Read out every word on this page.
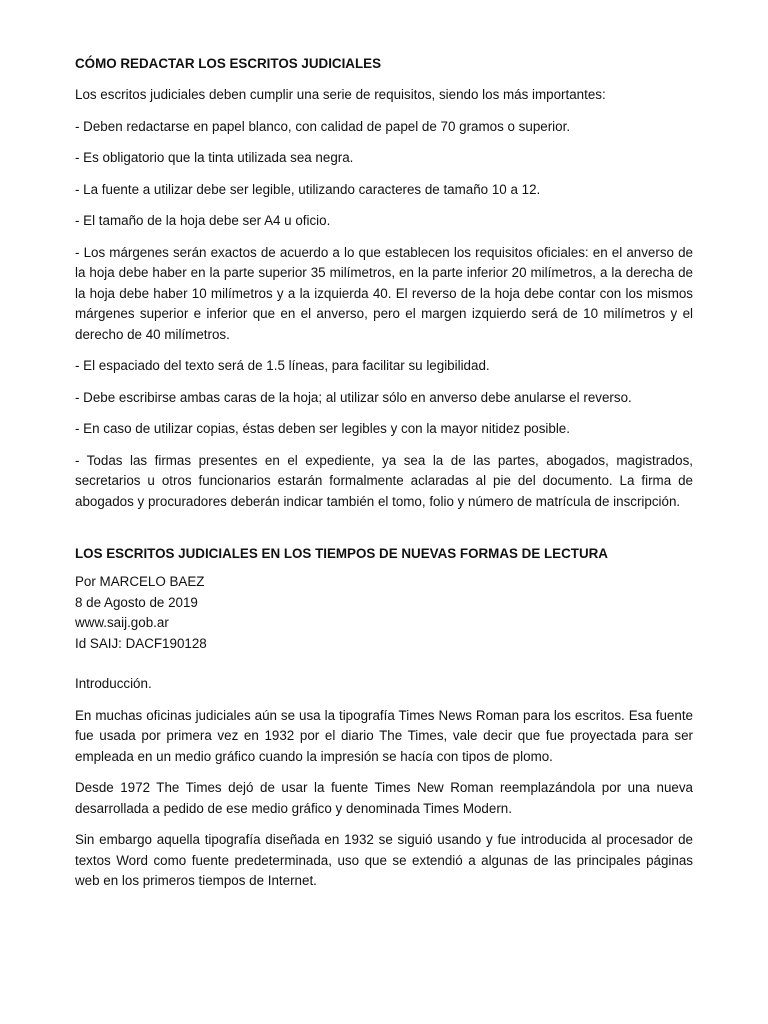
CÓMO REDACTAR LOS ESCRITOS JUDICIALES

Los escritos judiciales deben cumplir una serie de requisitos, siendo los más importantes:

- Deben redactarse en papel blanco, con calidad de papel de 70 gramos o superior.

- Es obligatorio que la tinta utilizada sea negra.

- La fuente a utilizar debe ser legible, utilizando caracteres de tamaño 10 a 12.

- El tamaño de la hoja debe ser A4 u oficio.

- Los márgenes serán exactos de acuerdo a lo que establecen los requisitos oficiales: en el anverso de la hoja debe haber en la parte superior 35 milímetros, en la parte inferior 20 milímetros, a la derecha de la hoja debe haber 10 milímetros y a la izquierda 40. El reverso de la hoja debe contar con los mismos márgenes superior e inferior que en el anverso, pero el margen izquierdo será de 10 milímetros y el derecho de 40 milímetros.

- El espaciado del texto será de 1.5 líneas, para facilitar su legibilidad.

- Debe escribirse ambas caras de la hoja; al utilizar sólo en anverso debe anularse el reverso.

- En caso de utilizar copias, éstas deben ser legibles y con la mayor nitidez posible.

- Todas las firmas presentes en el expediente, ya sea la de las partes, abogados, magistrados, secretarios u otros funcionarios estarán formalmente aclaradas al pie del documento. La firma de abogados y procuradores deberán indicar también el tomo, folio y número de matrícula de inscripción.

LOS ESCRITOS JUDICIALES EN LOS TIEMPOS DE NUEVAS FORMAS DE LECTURA
Por MARCELO BAEZ
8 de Agosto de 2019
www.saij.gob.ar
Id SAIJ: DACF190128

Introducción.

En muchas oficinas judiciales aún se usa la tipografía Times News Roman para los escritos. Esa fuente fue usada por primera vez en 1932 por el diario The Times, vale decir que fue proyectada para ser empleada en un medio gráfico cuando la impresión se hacía con tipos de plomo.

Desde 1972 The Times dejó de usar la fuente Times New Roman reemplazándola por una nueva desarrollada a pedido de ese medio gráfico y denominada Times Modern.

Sin embargo aquella tipografía diseñada en 1932 se siguió usando y fue introducida al procesador de textos Word como fuente predeterminada, uso que se extendió a algunas de las principales páginas web en los primeros tiempos de Internet.
